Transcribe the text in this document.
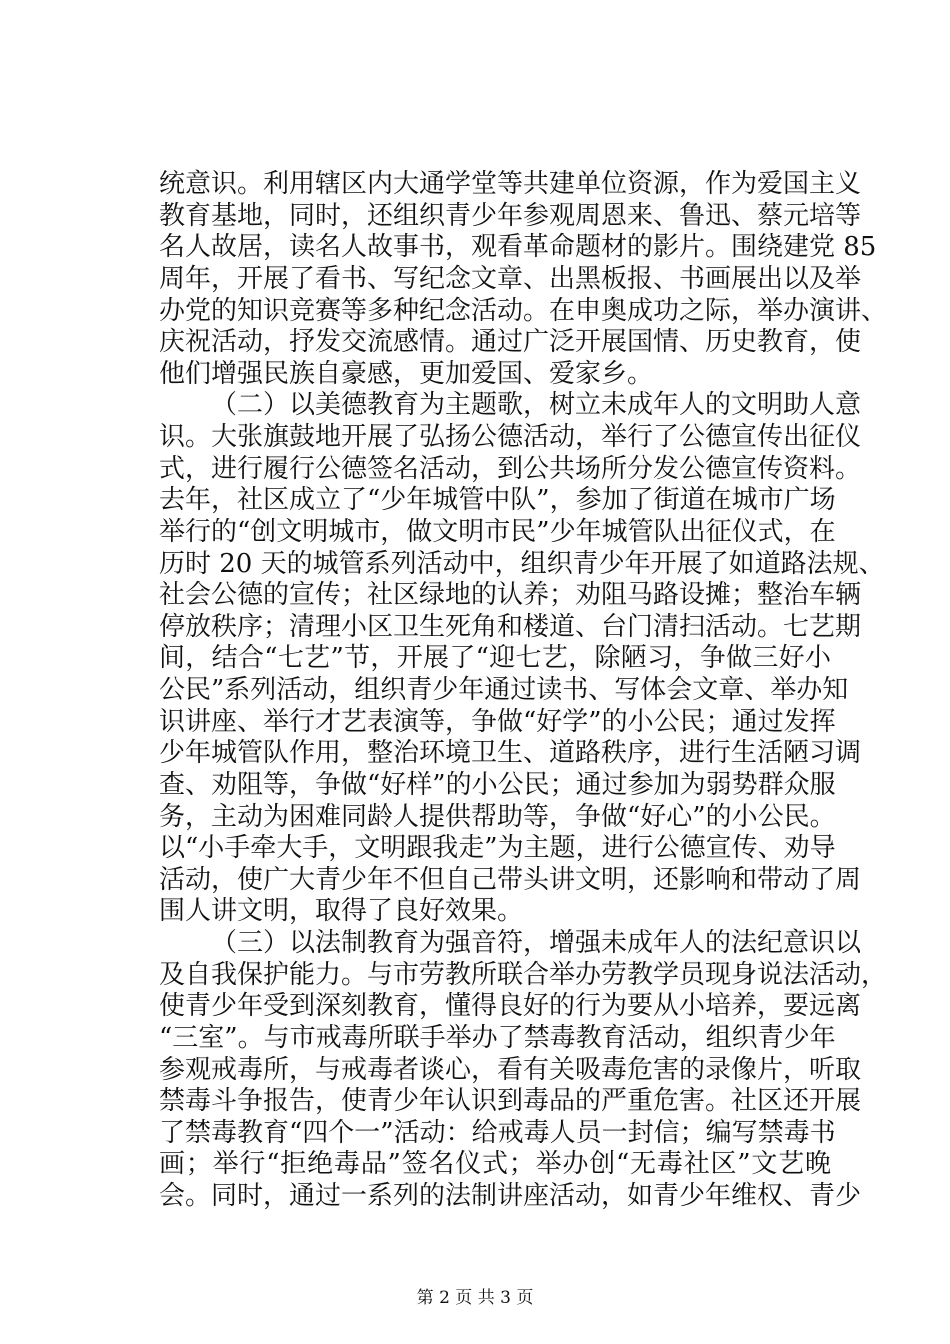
统意识。利用辖区内大通学堂等共建单位资源，作为爱国主义
教育基地，同时，还组织青少年参观周恩来、鲁迅、蔡元培等
名人故居，读名人故事书，观看革命题材的影片。围绕建党 85
周年，开展了看书、写纪念文章、出黑板报、书画展出以及举
办党的知识竞赛等多种纪念活动。在申奥成功之际，举办演讲、
庆祝活动，抒发交流感情。通过广泛开展国情、历史教育，使
他们增强民族自豪感，更加爱国、爱家乡。
（二）以美德教育为主题歌，树立未成年人的文明助人意
识。大张旗鼓地开展了弘扬公德活动，举行了公德宣传出征仪
式，进行履行公德签名活动，到公共场所分发公德宣传资料。
去年，社区成立了“少年城管中队”，参加了街道在城市广场
举行的“创文明城市，做文明市民”少年城管队出征仪式，在
历时 20 天的城管系列活动中，组织青少年开展了如道路法规、
社会公德的宣传；社区绿地的认养；劝阻马路设摊；整治车辆
停放秩序；清理小区卫生死角和楼道、台门清扫活动。七艺期
间，结合“七艺”节，开展了“迎七艺，除陋习，争做三好小
公民”系列活动，组织青少年通过读书、写体会文章、举办知
识讲座、举行才艺表演等，争做“好学”的小公民；通过发挥
少年城管队作用，整治环境卫生、道路秩序，进行生活陋习调
查、劝阻等，争做“好样”的小公民；通过参加为弱势群众服
务，主动为困难同龄人提供帮助等，争做“好心”的小公民。
以“小手牵大手，文明跟我走”为主题，进行公德宣传、劝导
活动，使广大青少年不但自己带头讲文明，还影响和带动了周
围人讲文明，取得了良好效果。
（三）以法制教育为强音符，增强未成年人的法纪意识以
及自我保护能力。与市劳教所联合举办劳教学员现身说法活动，
使青少年受到深刻教育，懂得良好的行为要从小培养，要远离
“三室”。与市戒毒所联手举办了禁毒教育活动，组织青少年
参观戒毒所，与戒毒者谈心，看有关吸毒危害的录像片，听取
禁毒斗争报告，使青少年认识到毒品的严重危害。社区还开展
了禁毒教育“四个一”活动：给戒毒人员一封信；编写禁毒书
画；举行“拒绝毒品”签名仪式；举办创“无毒社区”文艺晚
会。同时，通过一系列的法制讲座活动，如青少年维权、青少
第 2 页 共 3 页
